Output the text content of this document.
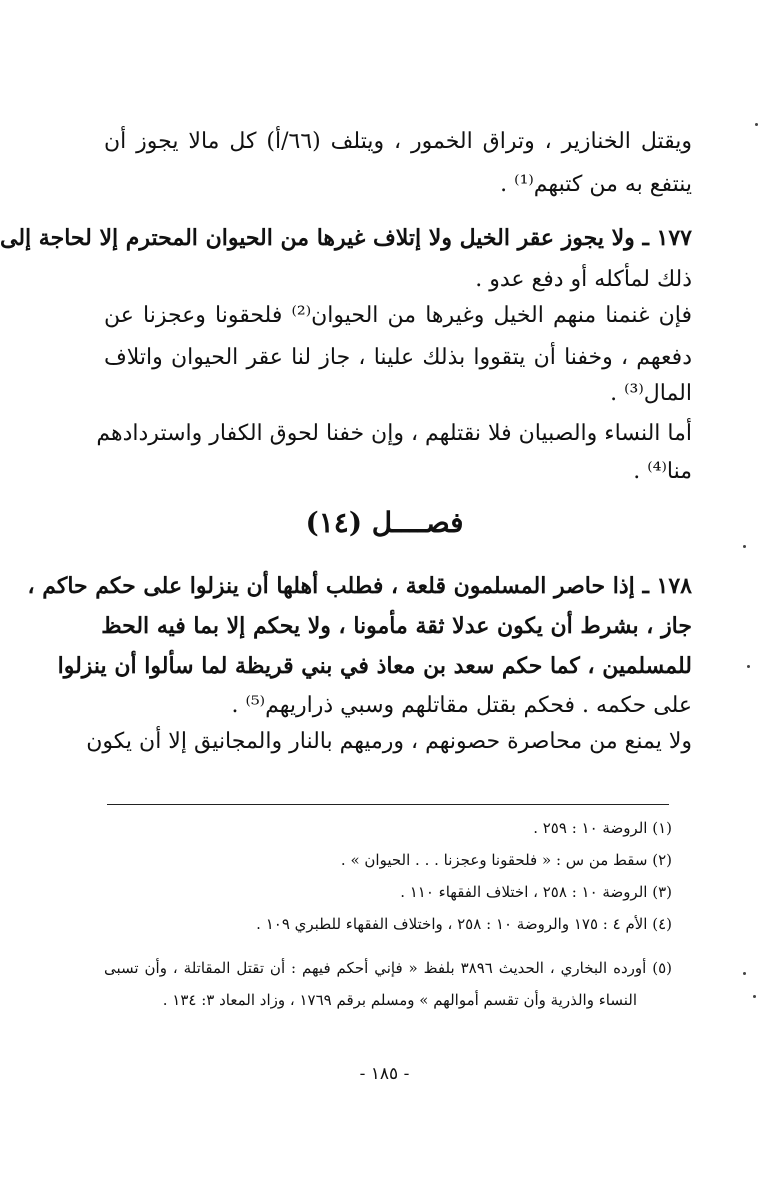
ويقتل الخنازير ، وتراق الخمور ، ويتلف (٦٦/أ) كل مالا يجوز أن
ينتفع به من كتبهم⁽¹⁾ .
١٧٧ ـ ولا يجوز عقر الخيل ولا إتلاف غيرها من الحيوان المحترم إلا لحاجة إلى
ذلك لمأكله أو دفع عدو .
فإن غنمنا منهم الخيل وغيرها من الحيوان⁽²⁾ فلحقونا وعجزنا عن
دفعهم ، وخفنا أن يتقووا بذلك علينا ، جاز لنا عقر الحيوان واتلاف
المال⁽³⁾ .
أما النساء والصبيان فلا نقتلهم ، وإن خفنا لحوق الكفار واستردادهم
منا⁽⁴⁾ .
فصــــل (١٤)
١٧٨ ـ إذا حاصر المسلمون قلعة ، فطلب أهلها أن ينزلوا على حكم حاكم ،
جاز ، بشرط أن يكون عدلا ثقة مأمونا ، ولا يحكم إلا بما فيه الحظ
للمسلمين ، كما حكم سعد بن معاذ في بني قريظة لما سألوا أن ينزلوا
على حكمه . فحكم بقتل مقاتلهم وسبي ذراريهم⁽⁵⁾ .
ولا يمنع من محاصرة حصونهم ، ورميهم بالنار والمجانيق إلا أن يكون
(١) الروضة ١٠ : ٢٥٩ .
(٢) سقط من س : « فلحقونا وعجزنا . . . الحيوان » .
(٣) الروضة ١٠ : ٢٥٨ ، اختلاف الفقهاء ١١٠ .
(٤) الأم ٤ : ١٧٥ والروضة ١٠ : ٢٥٨ ، واختلاف الفقهاء للطبري ١٠٩ .
(٥) أورده البخاري ، الحديث ٣٨٩٦ بلفظ « فإني أحكم فيهم : أن تقتل المقاتلة ، وأن تسبى
النساء والذرية وأن تقسم أموالهم » ومسلم برقم ١٧٦٩ ، وزاد المعاد ٣: ١٣٤ .
- ١٨٥ -
